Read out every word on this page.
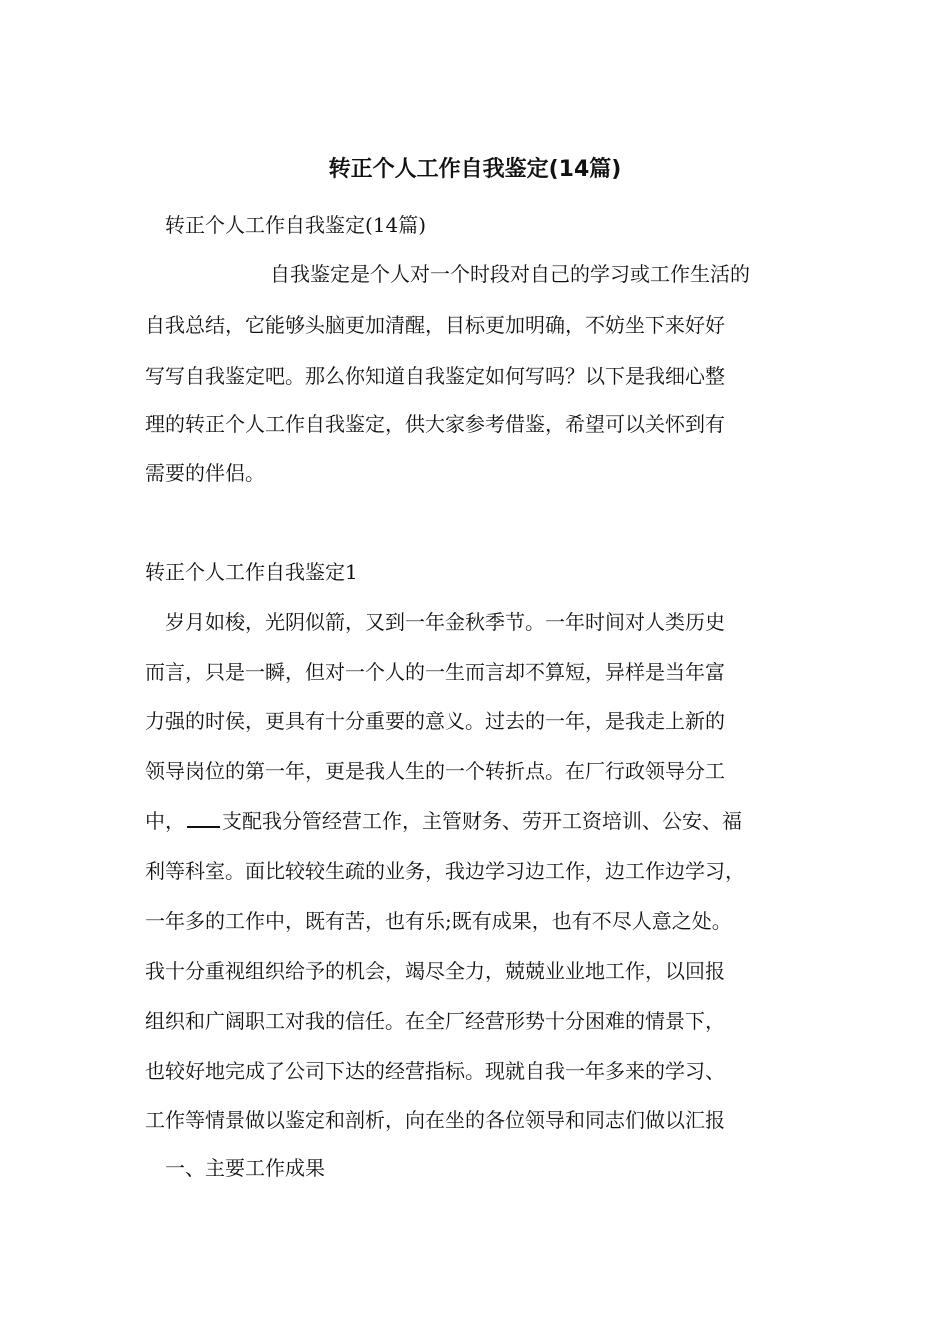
转正个人工作自我鉴定(14篇)
转正个人工作自我鉴定(14篇)
自我鉴定是个人对一个时段对自己的学习或工作生活的
自我总结，它能够头脑更加清醒，目标更加明确，不妨坐下来好好
写写自我鉴定吧。那么你知道自我鉴定如何写吗？以下是我细心整
理的转正个人工作自我鉴定，供大家参考借鉴，希望可以关怀到有
需要的伴侣。
转正个人工作自我鉴定1
岁月如梭，光阴似箭，又到一年金秋季节。一年时间对人类历史
而言，只是一瞬，但对一个人的一生而言却不算短，异样是当年富
力强的时侯，更具有十分重要的意义。过去的一年，是我走上新的
领导岗位的第一年，更是我人生的一个转折点。在厂行政领导分工
中， 支配我分管经营工作，主管财务、劳开工资培训、公安、福
利等科室。面比较较生疏的业务，我边学习边工作，边工作边学习，
一年多的工作中，既有苦，也有乐;既有成果，也有不尽人意之处。
我十分重视组织给予的机会，竭尽全力，兢兢业业地工作，以回报
组织和广阔职工对我的信任。在全厂经营形势十分困难的情景下，
也较好地完成了公司下达的经营指标。现就自我一年多来的学习、
工作等情景做以鉴定和剖析，向在坐的各位领导和同志们做以汇报
一、主要工作成果
